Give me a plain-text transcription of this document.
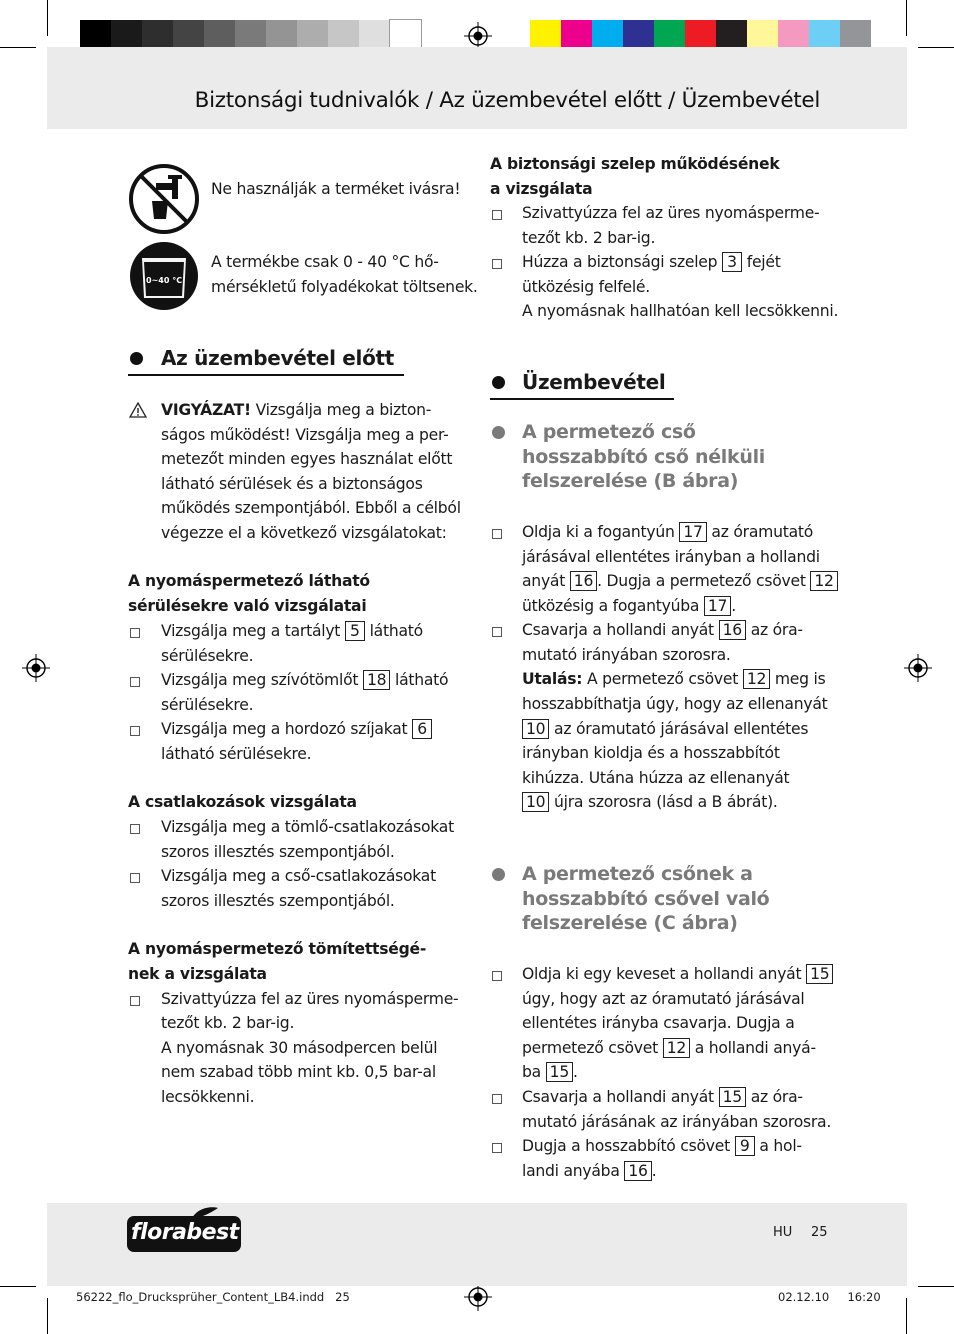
Biztonsági tudnivalók / Az üzembevétel előtt / Üzembevétel
Ne használják a terméket ivásra!
0~40 °C
A termékbe csak 0 - 40 °C hő-
mérsékletű folyadékokat töltsenek.
Az üzembevétel előtt
VIGYÁZAT! Vizsgálja meg a bizton-
ságos működést! Vizsgálja meg a per-
metezőt minden egyes használat előtt
látható sérülések és a biztonságos
működés szempontjából. Ebből a célból
végezze el a következő vizsgálatokat:
A nyomáspermetező látható
sérülésekre való vizsgálatai
Vizsgálja meg a tartályt 5 látható
sérülésekre.
Vizsgálja meg szívótömlőt 18 látható
sérülésekre.
Vizsgálja meg a hordozó szíjakat 6
látható sérülésekre.
A csatlakozások vizsgálata
Vizsgálja meg a tömlő-csatlakozásokat
szoros illesztés szempontjából.
Vizsgálja meg a cső-csatlakozásokat
szoros illesztés szempontjából.
A nyomáspermetező tömítettségé-
nek a vizsgálata
Szivattyúzza fel az üres nyomásperme-
tezőt kb. 2 bar-ig.
A nyomásnak 30 másodpercen belül
nem szabad több mint kb. 0,5 bar-al
lecsökkenni.
A biztonsági szelep működésének
a vizsgálata
Szivattyúzza fel az üres nyomásperme-
tezőt kb. 2 bar-ig.
Húzza a biztonsági szelep 3 fejét
ütközésig felfelé.
A nyomásnak hallhatóan kell lecsökkenni.
Üzembevétel
A permetező cső
hosszabbító cső nélküli
felszerelése (B ábra)
Oldja ki a fogantyún 17 az óramutató
járásával ellentétes irányban a hollandi
anyát 16 . Dugja a permetező csövet 12
ütközésig a fogantyúba 17 .
Csavarja a hollandi anyát 16 az óra-
mutató irányában szorosra.
Utalás: A permetező csövet 12 meg is
hosszabbíthatja úgy, hogy az ellenanyát
10 az óramutató járásával ellentétes
irányban kioldja és a hosszabbítót
kihúzza. Utána húzza az ellenanyát
10 újra szorosra (lásd a B ábrát).
A permetező csőnek a
hosszabbító csővel való
felszerelése (C ábra)
Oldja ki egy keveset a hollandi anyát 15
úgy, hogy azt az óramutató járásával
ellentétes irányba csavarja. Dugja a
permetező csövet 12 a hollandi anyá-
ba 15 .
Csavarja a hollandi anyát 15 az óra-
mutató járásának az irányában szorosra.
Dugja a hosszabbító csövet 9 a hol-
landi anyába 16 .
florabest	HU 25
56222_flo_Drucksprüher_Content_LB4.indd   25	02.12.10     16:20
